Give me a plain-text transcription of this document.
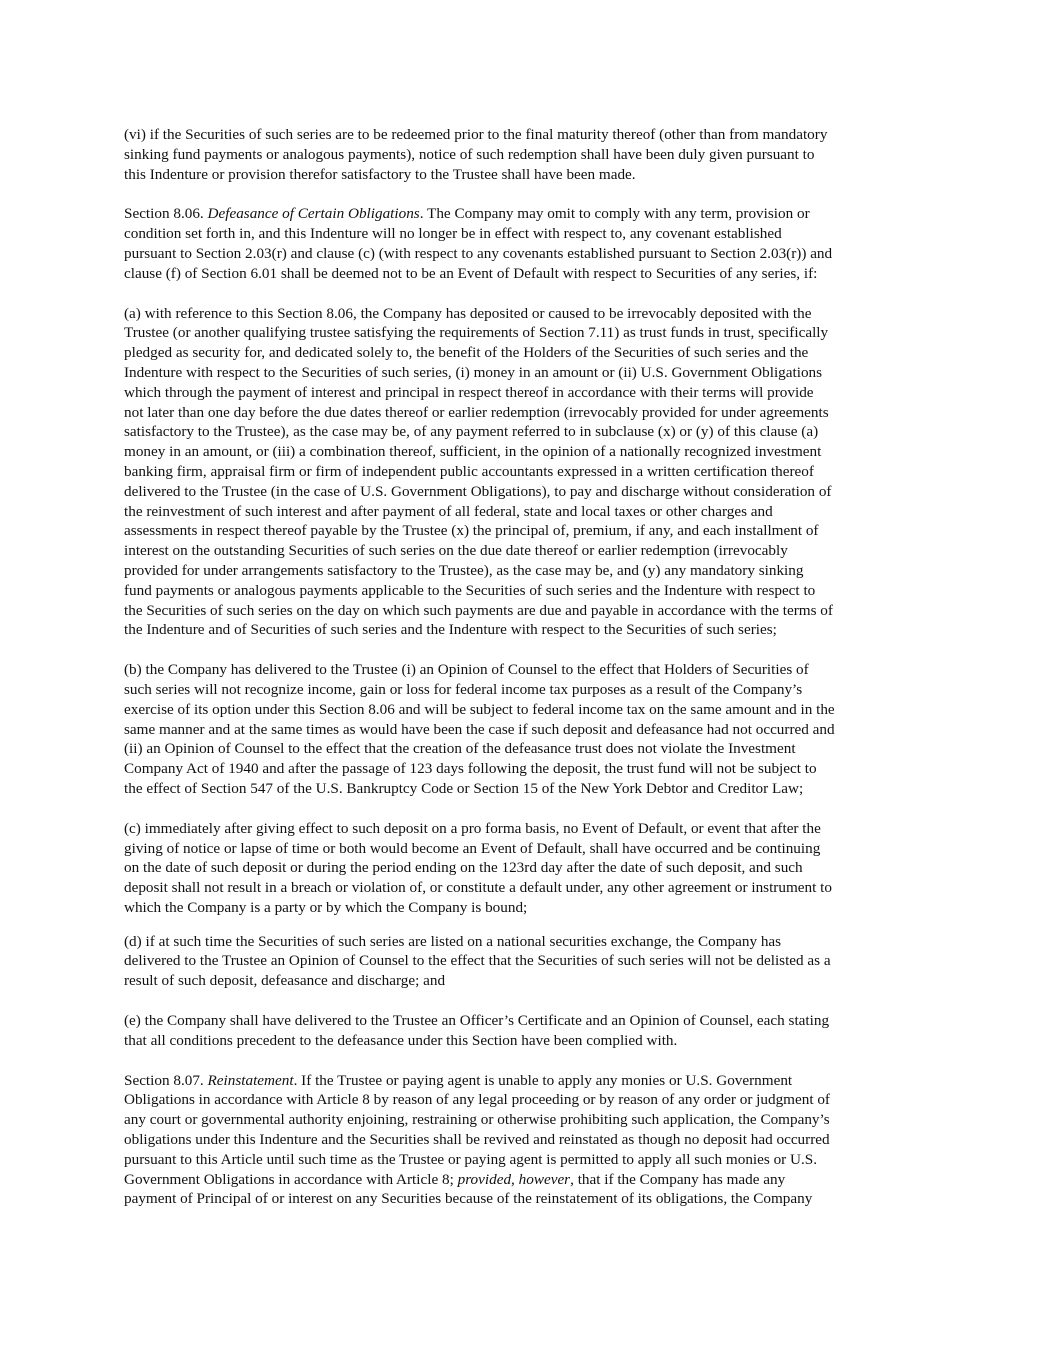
(vi) if the Securities of such series are to be redeemed prior to the final maturity thereof (other than from mandatory
sinking fund payments or analogous payments), notice of such redemption shall have been duly given pursuant to
this Indenture or provision therefor satisfactory to the Trustee shall have been made.

Section 8.06. Defeasance of Certain Obligations. The Company may omit to comply with any term, provision or
condition set forth in, and this Indenture will no longer be in effect with respect to, any covenant established
pursuant to Section 2.03(r) and clause (c) (with respect to any covenants established pursuant to Section 2.03(r)) and
clause (f) of Section 6.01 shall be deemed not to be an Event of Default with respect to Securities of any series, if:

(a) with reference to this Section 8.06, the Company has deposited or caused to be irrevocably deposited with the
Trustee (or another qualifying trustee satisfying the requirements of Section 7.11) as trust funds in trust, specifically
pledged as security for, and dedicated solely to, the benefit of the Holders of the Securities of such series and the
Indenture with respect to the Securities of such series, (i) money in an amount or (ii) U.S. Government Obligations
which through the payment of interest and principal in respect thereof in accordance with their terms will provide
not later than one day before the due dates thereof or earlier redemption (irrevocably provided for under agreements
satisfactory to the Trustee), as the case may be, of any payment referred to in subclause (x) or (y) of this clause (a)
money in an amount, or (iii) a combination thereof, sufficient, in the opinion of a nationally recognized investment
banking firm, appraisal firm or firm of independent public accountants expressed in a written certification thereof
delivered to the Trustee (in the case of U.S. Government Obligations), to pay and discharge without consideration of
the reinvestment of such interest and after payment of all federal, state and local taxes or other charges and
assessments in respect thereof payable by the Trustee (x) the principal of, premium, if any, and each installment of
interest on the outstanding Securities of such series on the due date thereof or earlier redemption (irrevocably
provided for under arrangements satisfactory to the Trustee), as the case may be, and (y) any mandatory sinking
fund payments or analogous payments applicable to the Securities of such series and the Indenture with respect to
the Securities of such series on the day on which such payments are due and payable in accordance with the terms of
the Indenture and of Securities of such series and the Indenture with respect to the Securities of such series;

(b) the Company has delivered to the Trustee (i) an Opinion of Counsel to the effect that Holders of Securities of
such series will not recognize income, gain or loss for federal income tax purposes as a result of the Company’s
exercise of its option under this Section 8.06 and will be subject to federal income tax on the same amount and in the
same manner and at the same times as would have been the case if such deposit and defeasance had not occurred and
(ii) an Opinion of Counsel to the effect that the creation of the defeasance trust does not violate the Investment
Company Act of 1940 and after the passage of 123 days following the deposit, the trust fund will not be subject to
the effect of Section 547 of the U.S. Bankruptcy Code or Section 15 of the New York Debtor and Creditor Law;

(c) immediately after giving effect to such deposit on a pro forma basis, no Event of Default, or event that after the
giving of notice or lapse of time or both would become an Event of Default, shall have occurred and be continuing
on the date of such deposit or during the period ending on the 123rd day after the date of such deposit, and such
deposit shall not result in a breach or violation of, or constitute a default under, any other agreement or instrument to
which the Company is a party or by which the Company is bound;

(d) if at such time the Securities of such series are listed on a national securities exchange, the Company has
delivered to the Trustee an Opinion of Counsel to the effect that the Securities of such series will not be delisted as a
result of such deposit, defeasance and discharge; and

(e) the Company shall have delivered to the Trustee an Officer’s Certificate and an Opinion of Counsel, each stating
that all conditions precedent to the defeasance under this Section have been complied with.

Section 8.07. Reinstatement. If the Trustee or paying agent is unable to apply any monies or U.S. Government
Obligations in accordance with Article 8 by reason of any legal proceeding or by reason of any order or judgment of
any court or governmental authority enjoining, restraining or otherwise prohibiting such application, the Company’s
obligations under this Indenture and the Securities shall be revived and reinstated as though no deposit had occurred
pursuant to this Article until such time as the Trustee or paying agent is permitted to apply all such monies or U.S.
Government Obligations in accordance with Article 8; provided, however, that if the Company has made any
payment of Principal of or interest on any Securities because of the reinstatement of its obligations, the Company
